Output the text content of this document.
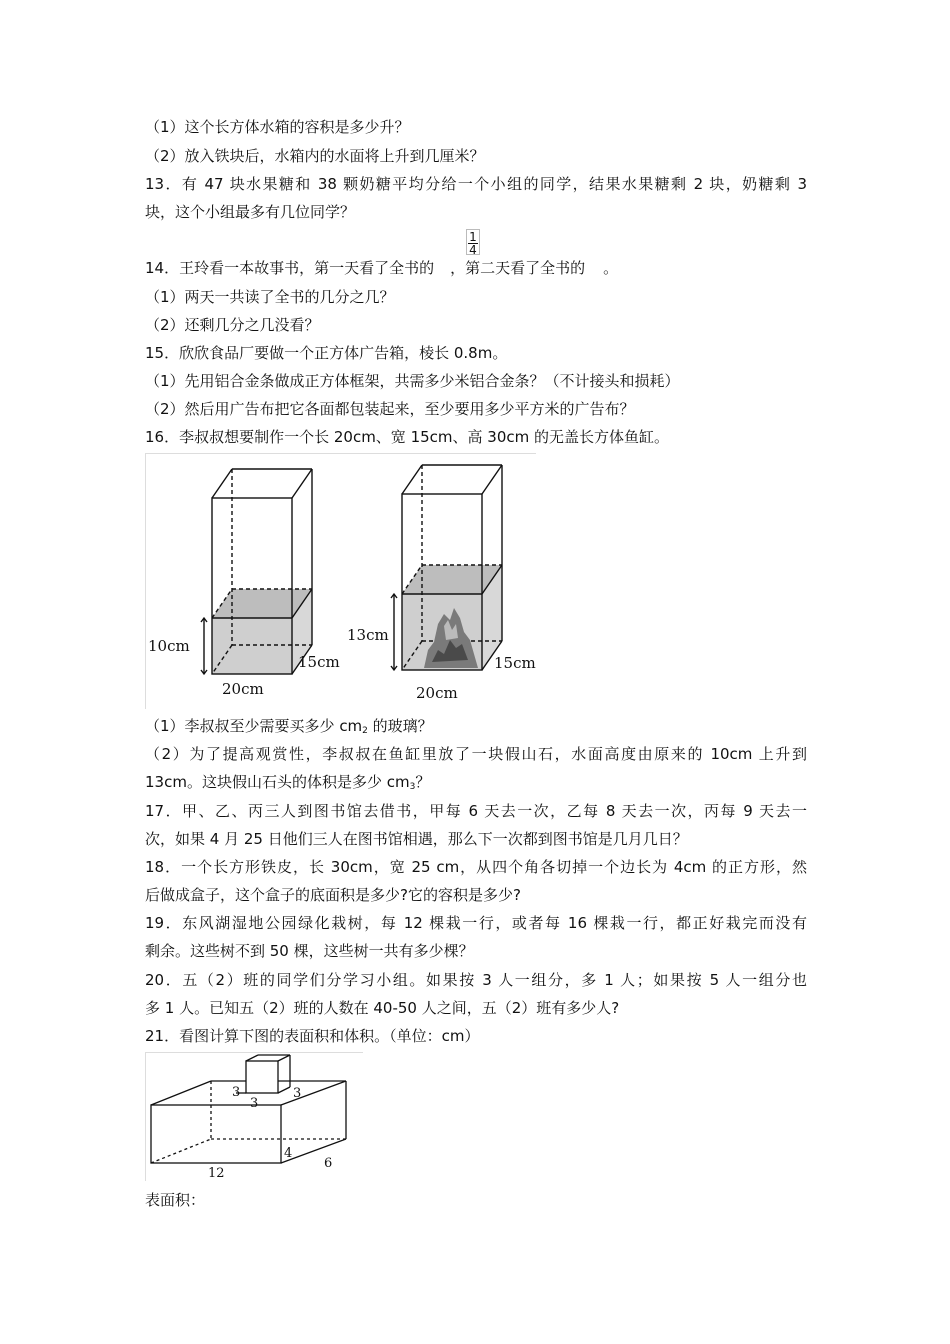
（1）这个长方体水箱的容积是多少升？
（2）放入铁块后，水箱内的水面将上升到几厘米？
13．有 47 块水果糖和 38 颗奶糖平均分给一个小组的同学，结果水果糖剩 2 块，奶糖剩 3
块，这个小组最多有几位同学？
14．王玲看一本故事书，第一天看了全书的 ，第二天看了全书的 。
1
4
（1）两天一共读了全书的几分之几？
（2）还剩几分之几没看？
15．欣欣食品厂要做一个正方体广告箱，棱长 0.8m。
（1）先用铝合金条做成正方体框架，共需多少米铝合金条？（不计接头和损耗）
（2）然后用广告布把它各面都包装起来，至少要用多少平方米的广告布？
16．李叔叔想要制作一个长 20cm、宽 15cm、高 30cm 的无盖长方体鱼缸。
10cm
20cm
15cm
13cm
20cm
15cm
（1）李叔叔至少需要买多少 $cm_2$ 的玻璃？
（2）为了提高观赏性，李叔叔在鱼缸里放了一块假山石，水面高度由原来的 10cm 上升到
13cm。这块假山石头的体积是多少 $cm_3$？
17．甲、乙、丙三人到图书馆去借书，甲每 6 天去一次，乙每 8 天去一次，丙每 9 天去一
次，如果 4 月 25 日他们三人在图书馆相遇，那么下一次都到图书馆是几月几日？
18．一个长方形铁皮，长 30cm，宽 25 cm，从四个角各切掉一个边长为 4cm 的正方形，然
后做成盒子，这个盒子的底面积是多少?它的容积是多少?
19．东风湖湿地公园绿化栽树，每 12 棵栽一行，或者每 16 棵栽一行，都正好栽完而没有
剩余。这些树不到 50 棵，这些树一共有多少棵？
20．五（2）班的同学们分学习小组。如果按 3 人一组分，多 1 人；如果按 5 人一组分也
多 1 人。已知五（2）班的人数在 40-50 人之间，五（2）班有多少人?
21．看图计算下图的表面积和体积。（单位：cm）
3	3
3
12
4
6
表面积：
